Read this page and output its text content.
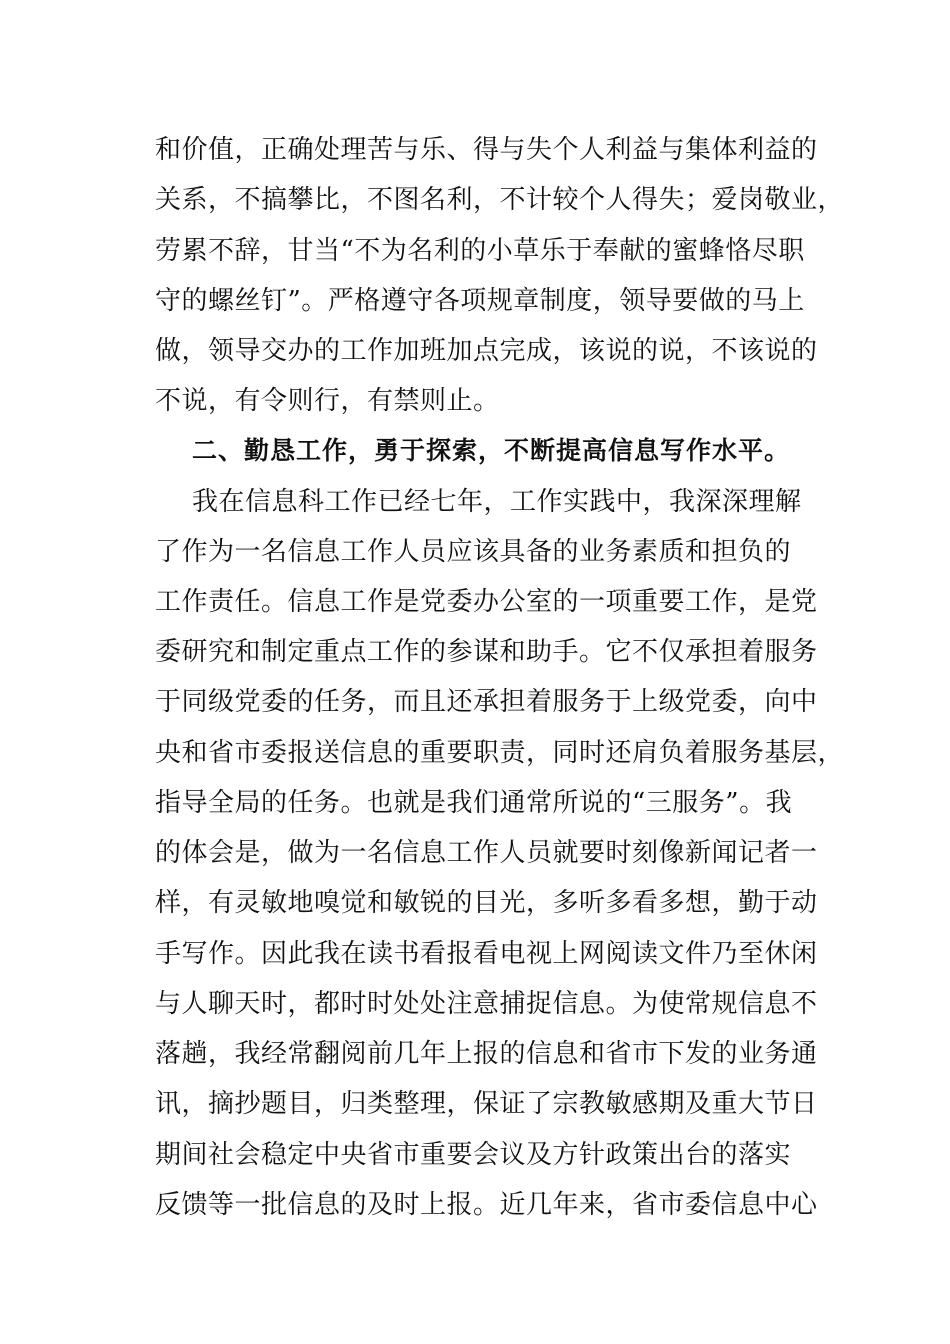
和价值，正确处理苦与乐、得与失个人利益与集体利益的
关系，不搞攀比，不图名利，不计较个人得失；爱岗敬业，
劳累不辞，甘当“不为名利的小草乐于奉献的蜜蜂恪尽职
守的螺丝钉”。严格遵守各项规章制度，领导要做的马上
做，领导交办的工作加班加点完成，该说的说，不该说的
不说，有令则行，有禁则止。
二、勤恳工作，勇于探索，不断提高信息写作水平。
我在信息科工作已经七年，工作实践中，我深深理解
了作为一名信息工作人员应该具备的业务素质和担负的
工作责任。信息工作是党委办公室的一项重要工作，是党
委研究和制定重点工作的参谋和助手。它不仅承担着服务
于同级党委的任务，而且还承担着服务于上级党委，向中
央和省市委报送信息的重要职责，同时还肩负着服务基层，
指导全局的任务。也就是我们通常所说的“三服务”。我
的体会是，做为一名信息工作人员就要时刻像新闻记者一
样，有灵敏地嗅觉和敏锐的目光，多听多看多想，勤于动
手写作。因此我在读书看报看电视上网阅读文件乃至休闲
与人聊天时，都时时处处注意捕捉信息。为使常规信息不
落趟，我经常翻阅前几年上报的信息和省市下发的业务通
讯，摘抄题目，归类整理，保证了宗教敏感期及重大节日
期间社会稳定中央省市重要会议及方针政策出台的落实
反馈等一批信息的及时上报。近几年来，省市委信息中心
